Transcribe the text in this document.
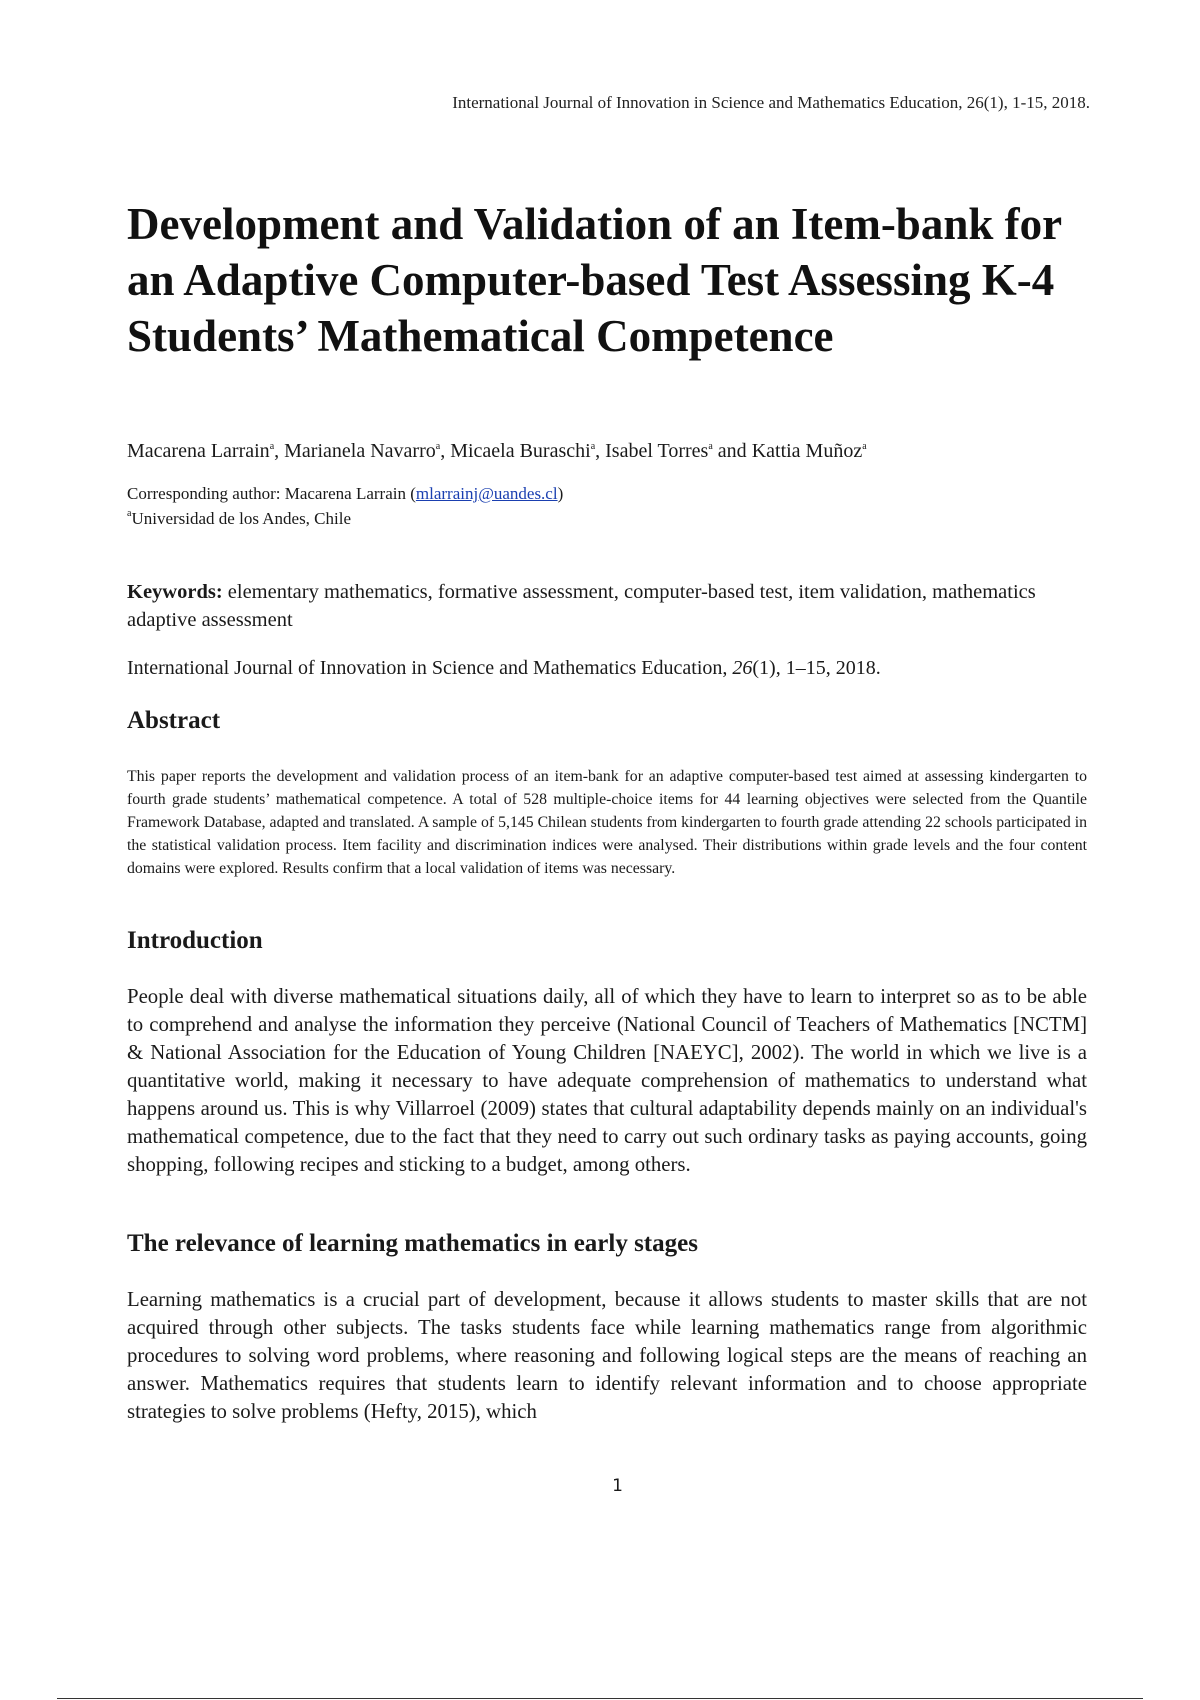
International Journal of Innovation in Science and Mathematics Education, 26(1), 1-15, 2018.
Development and Validation of an Item-bank for an Adaptive Computer-based Test Assessing K-4 Students’ Mathematical Competence
Macarena Larrain$^a$, Marianela Navarro$^a$, Micaela Buraschi$^a$, Isabel Torres$^a$ and Kattia Muñoz$^a$
Corresponding author: Macarena Larrain (mlarrainj@uandes.cl)
$^a$Universidad de los Andes, Chile
Keywords: elementary mathematics, formative assessment, computer-based test, item validation, mathematics adaptive assessment
International Journal of Innovation in Science and Mathematics Education, 26(1), 1–15, 2018.
Abstract

This paper reports the development and validation process of an item-bank for an adaptive computer-based test aimed at assessing kindergarten to fourth grade students’ mathematical competence. A total of 528 multiple-choice items for 44 learning objectives were selected from the Quantile Framework Database, adapted and translated. A sample of 5,145 Chilean students from kindergarten to fourth grade attending 22 schools participated in the statistical validation process. Item facility and discrimination indices were analysed. Their distributions within grade levels and the four content domains were explored. Results confirm that a local validation of items was necessary.

Introduction

People deal with diverse mathematical situations daily, all of which they have to learn to interpret so as to be able to comprehend and analyse the information they perceive (National Council of Teachers of Mathematics [NCTM] & National Association for the Education of Young Children [NAEYC], 2002). The world in which we live is a quantitative world, making it necessary to have adequate comprehension of mathematics to understand what happens around us. This is why Villarroel (2009) states that cultural adaptability depends mainly on an individual's mathematical competence, due to the fact that they need to carry out such ordinary tasks as paying accounts, going shopping, following recipes and sticking to a budget, among others.

The relevance of learning mathematics in early stages

Learning mathematics is a crucial part of development, because it allows students to master skills that are not acquired through other subjects. The tasks students face while learning mathematics range from algorithmic procedures to solving word problems, where reasoning and following logical steps are the means of reaching an answer. Mathematics requires that students learn to identify relevant information and to choose appropriate strategies to solve problems (Hefty, 2015), which

1
